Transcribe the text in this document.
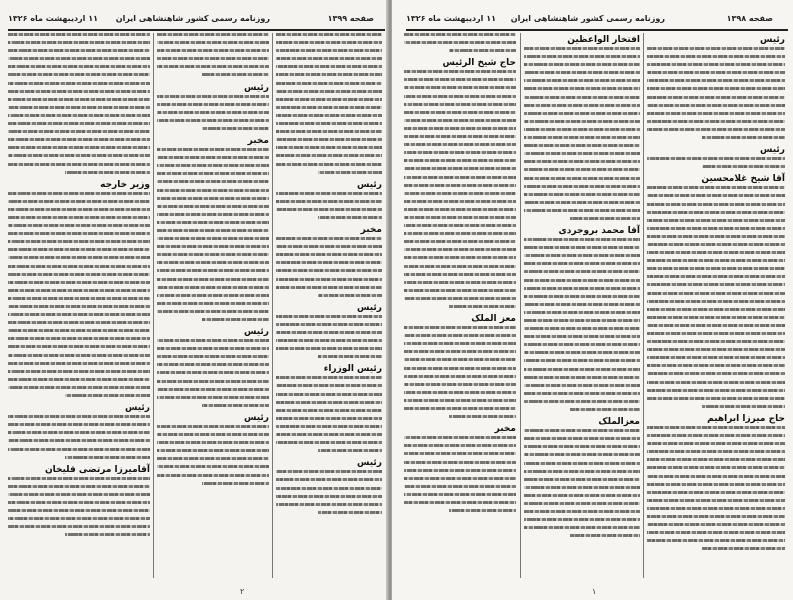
صفحه ۱۳۹۹
روزنامه رسمی کشور شاهنشاهی ایران
۱۱ اردیبهشت ماه ۱۳۲۶
وزیر خارجه
رئیس
آقامیرزا مرتضی قلیخان
رئیس
مخبر
رئیس
رئیس
رئیس
مخبر
رئیس
رئیس الوزراء
رئیس
۲
صفحه ۱۳۹۸
روزنامه رسمی کشور شاهنشاهی ایران
۱۱ اردیبهشت ماه ۱۳۲۶
حاج شیخ الرئیس
معز الملک
مخبر
افتخار الواعظین
آقا محمد بروجردی
معزالملک
رئیس
رئیس
آقا شیخ غلامحسین
حاج میرزا ابراهیم
۱
